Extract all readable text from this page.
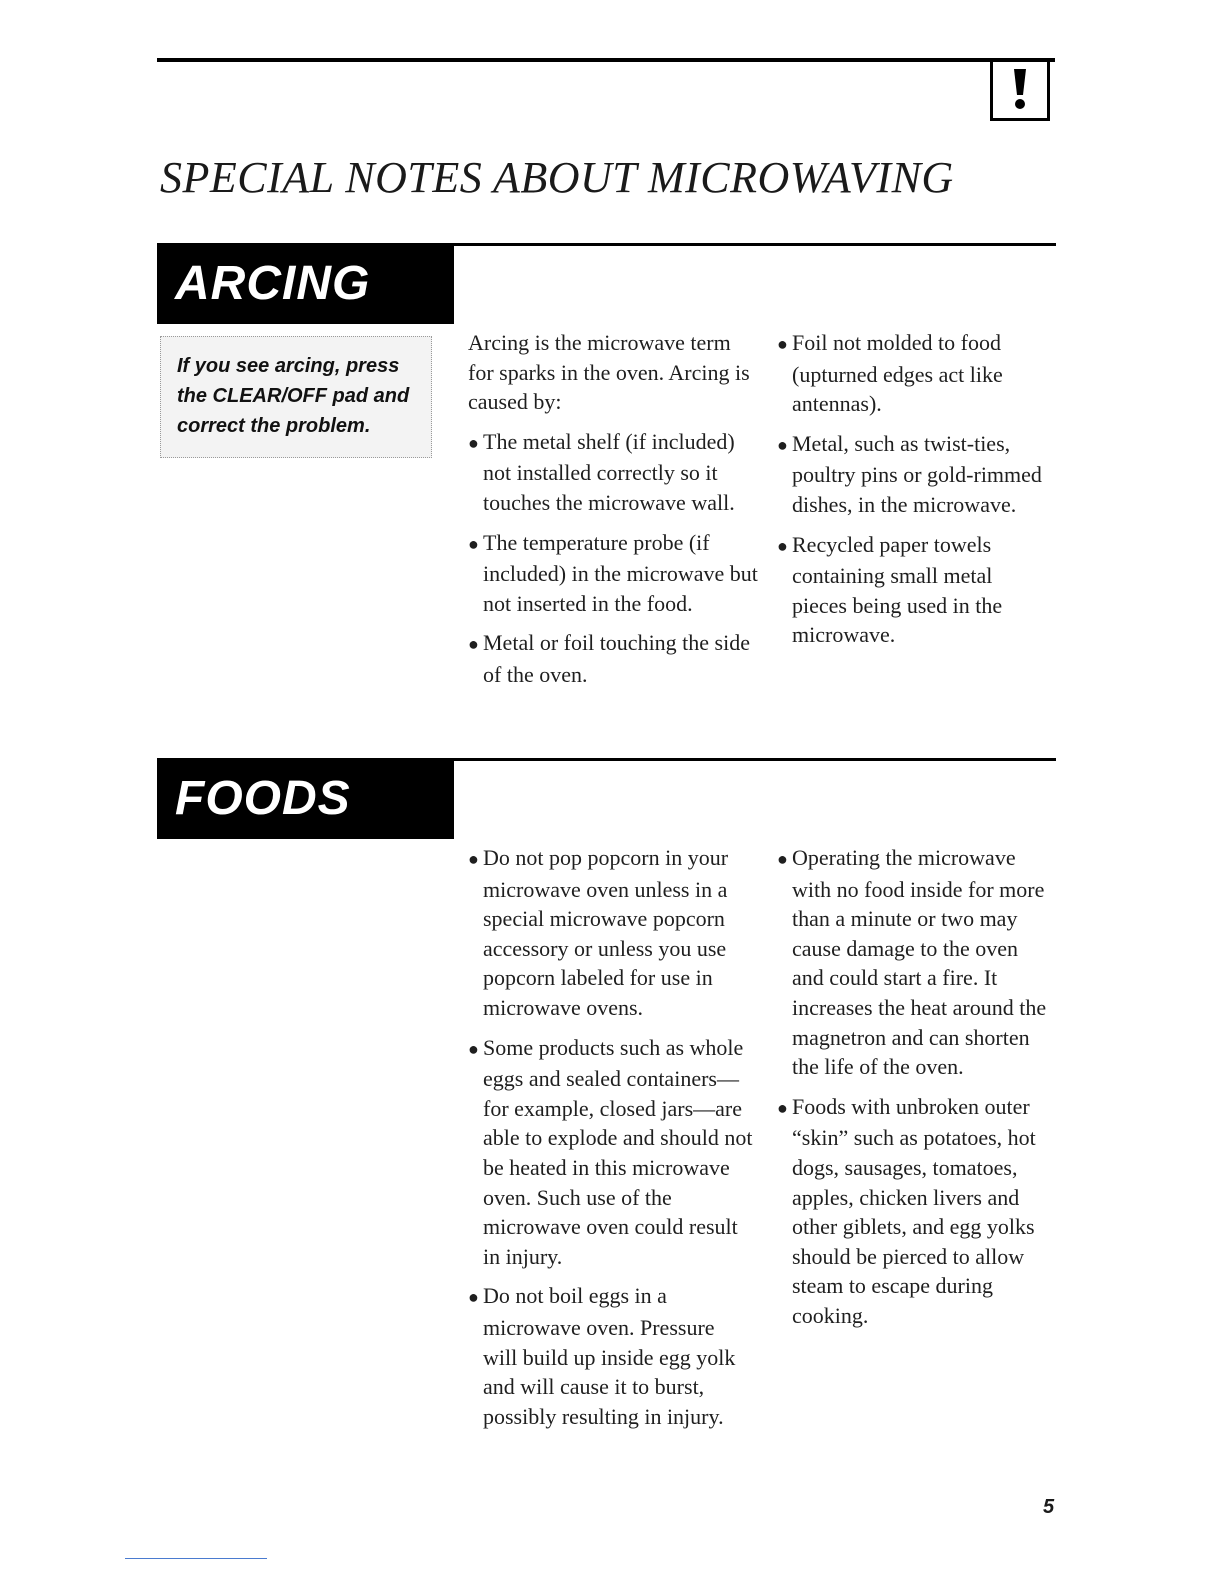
SPECIAL NOTES ABOUT MICROWAVING
ARCING
If you see arcing, press the CLEAR/OFF pad and correct the problem.

Arcing is the microwave term for sparks in the oven. Arcing is caused by:

● The metal shelf (if included) not installed correctly so it touches the microwave wall.

● The temperature probe (if included) in the microwave but not inserted in the food.

● Metal or foil touching the side of the oven.

● Foil not molded to food (upturned edges act like antennas).

● Metal, such as twist-ties, poultry pins or gold-rimmed dishes, in the microwave.

● Recycled paper towels containing small metal pieces being used in the microwave.

FOODS

● Do not pop popcorn in your microwave oven unless in a special microwave popcorn accessory or unless you use popcorn labeled for use in microwave ovens.

● Some products such as whole eggs and sealed containers—for example, closed jars—are able to explode and should not be heated in this microwave oven. Such use of the microwave oven could result in injury.

● Do not boil eggs in a microwave oven. Pressure will build up inside egg yolk and will cause it to burst, possibly resulting in injury.

● Operating the microwave with no food inside for more than a minute or two may cause damage to the oven and could start a fire. It increases the heat around the magnetron and can shorten the life of the oven.

● Foods with unbroken outer “skin” such as potatoes, hot dogs, sausages, tomatoes, apples, chicken livers and other giblets, and egg yolks should be pierced to allow steam to escape during cooking.

5
